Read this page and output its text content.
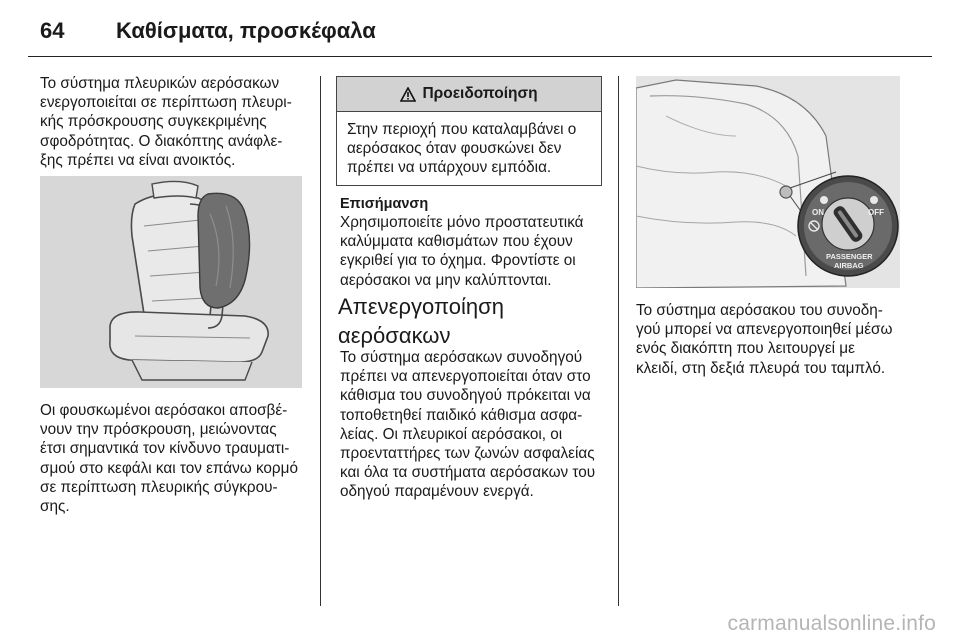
64 Καθίσματα, προσκέφαλα

Το σύστημα πλευρικών αερόσακων

ενεργοποιείται σε περίπτωση πλευρι-

κής πρόσκρουσης συγκεκριμένης

σφοδρότητας. Ο διακόπτης ανάφλε-

ξης πρέπει να είναι ανοικτός.

Οι φουσκωμένοι αερόσακοι αποσβέ-

νουν την πρόσκρουση, μειώνοντας

έτσι σημαντικά τον κίνδυνο τραυματι-

σμού στο κεφάλι και τον επάνω κορμό

σε περίπτωση πλευρικής σύγκρου-

σης.

Προειδοποίηση
Στην περιοχή που καταλαμβάνει ο
αερόσακος όταν φουσκώνει δεν
πρέπει να υπάρχουν εμπόδια.
Επισήμανση

Χρησιμοποιείτε μόνο προστατευτικά

καλύμματα καθισμάτων που έχουν

εγκριθεί για το όχημα. Φροντίστε οι

αερόσακοι να μην καλύπτονται.

Απενεργοποίηση
αερόσακων

Το σύστημα αερόσακων συνοδηγού

πρέπει να απενεργοποιείται όταν στο

κάθισμα του συνοδηγού πρόκειται να

τοποθετηθεί παιδικό κάθισμα ασφα-

λείας. Οι πλευρικοί αερόσακοι, οι

προενταττήρες των ζωνών ασφαλείας

και όλα τα συστήματα αερόσακων του

οδηγού παραμένουν ενεργά.

ON	OFF
PASSENGER
AIRBAG

Το σύστημα αερόσακου του συνοδη-

γού μπορεί να απενεργοποιηθεί μέσω

ενός διακόπτη που λειτουργεί με

κλειδί, στη δεξιά πλευρά του ταμπλό.

carmanualsonline.info
